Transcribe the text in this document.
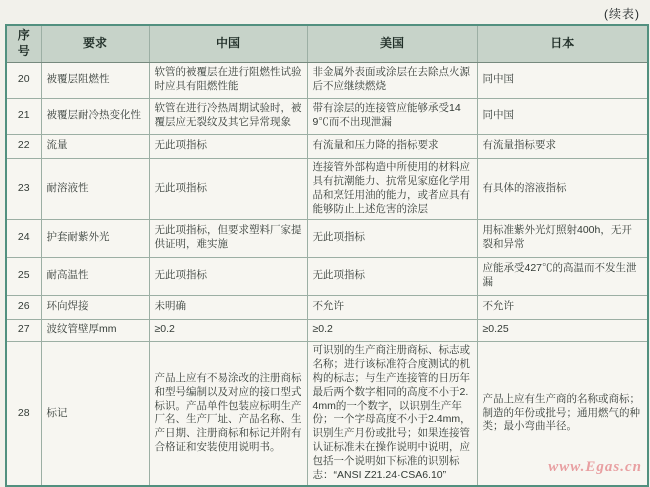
(续表)
序号	要求	中国	美国	日本
20	被覆层阻燃性	软管的被覆层在进行阻燃性试验时应具有阻燃性能	非金属外表面或涂层在去除点火源后不应继续燃烧	同中国
21	被覆层耐冷热变化性	软管在进行冷热周期试验时，被覆层应无裂纹及其它异常现象	带有涂层的连接管应能够承受149℃而不出现泄漏	同中国
22	流量	无此项指标	有流量和压力降的指标要求	有流量指标要求
23	耐溶液性	无此项指标	连接管外部构造中所使用的材料应具有抗潮能力、抗常见家庭化学用品和烹饪用油的能力，或者应具有能够防止上述危害的涂层	有具体的溶液指标
24	护套耐紫外光	无此项指标，但要求塑料厂家提供证明，难实施	无此项指标	用标准紫外光灯照射400h，无开裂和异常
25	耐高温性	无此项指标	无此项指标	应能承受427℃的高温而不发生泄漏
26	环向焊接	未明确	不允许	不允许
27	波纹管壁厚mm	≥0.2	≥0.2	≥0.25
28	标记	产品上应有不易涂改的注册商标和型号编制以及对应的接口型式标识。产品单件包装应标明生产厂名、生产厂址、产品名称、生产日期、注册商标和标记并附有合格证和安装使用说明书。	可识别的生产商注册商标、标志或名称；进行该标准符合度测试的机构的标志；与生产连接管的日历年最后两个数字相同的高度不小于2.4mm的一个数字，以识别生产年份；一个字母高度不小于2.4mm，识别生产月份或批号；如果连接管认证标准未在操作说明中说明，应包括一个说明如下标准的识别标志：“ANSI Z21.24·CSA6.10”	产品上应有生产商的名称或商标；制造的年份或批号；通用燃气的种类；最小弯曲半径。
www.Egas.cn
